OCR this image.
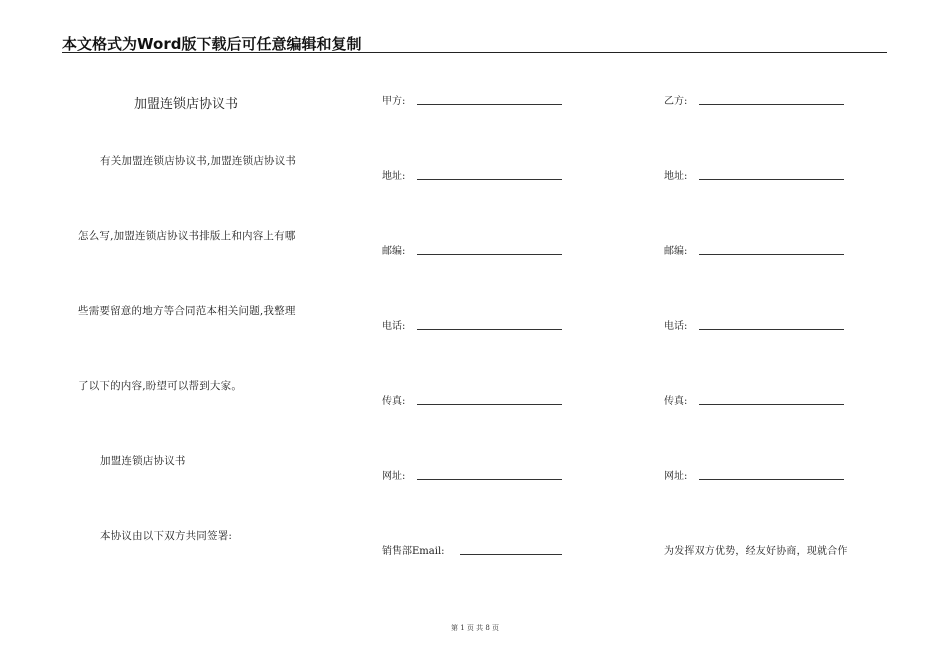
本文格式为Word版下载后可任意编辑和复制
加盟连锁店协议书
有关加盟连锁店协议书,加盟连锁店协议书
怎么写,加盟连锁店协议书排版上和内容上有哪
些需要留意的地方等合同范本相关问题,我整理
了以下的内容,盼望可以帮到大家。
加盟连锁店协议书
本协议由以下双方共同签署:
甲方:
地址:
邮编:
电话:
传真:
网址:
销售部Email:
乙方:
地址:
邮编:
电话:
传真:
网址:
为发挥双方优势，经友好协商，现就合作
第 1 页 共 8 页
